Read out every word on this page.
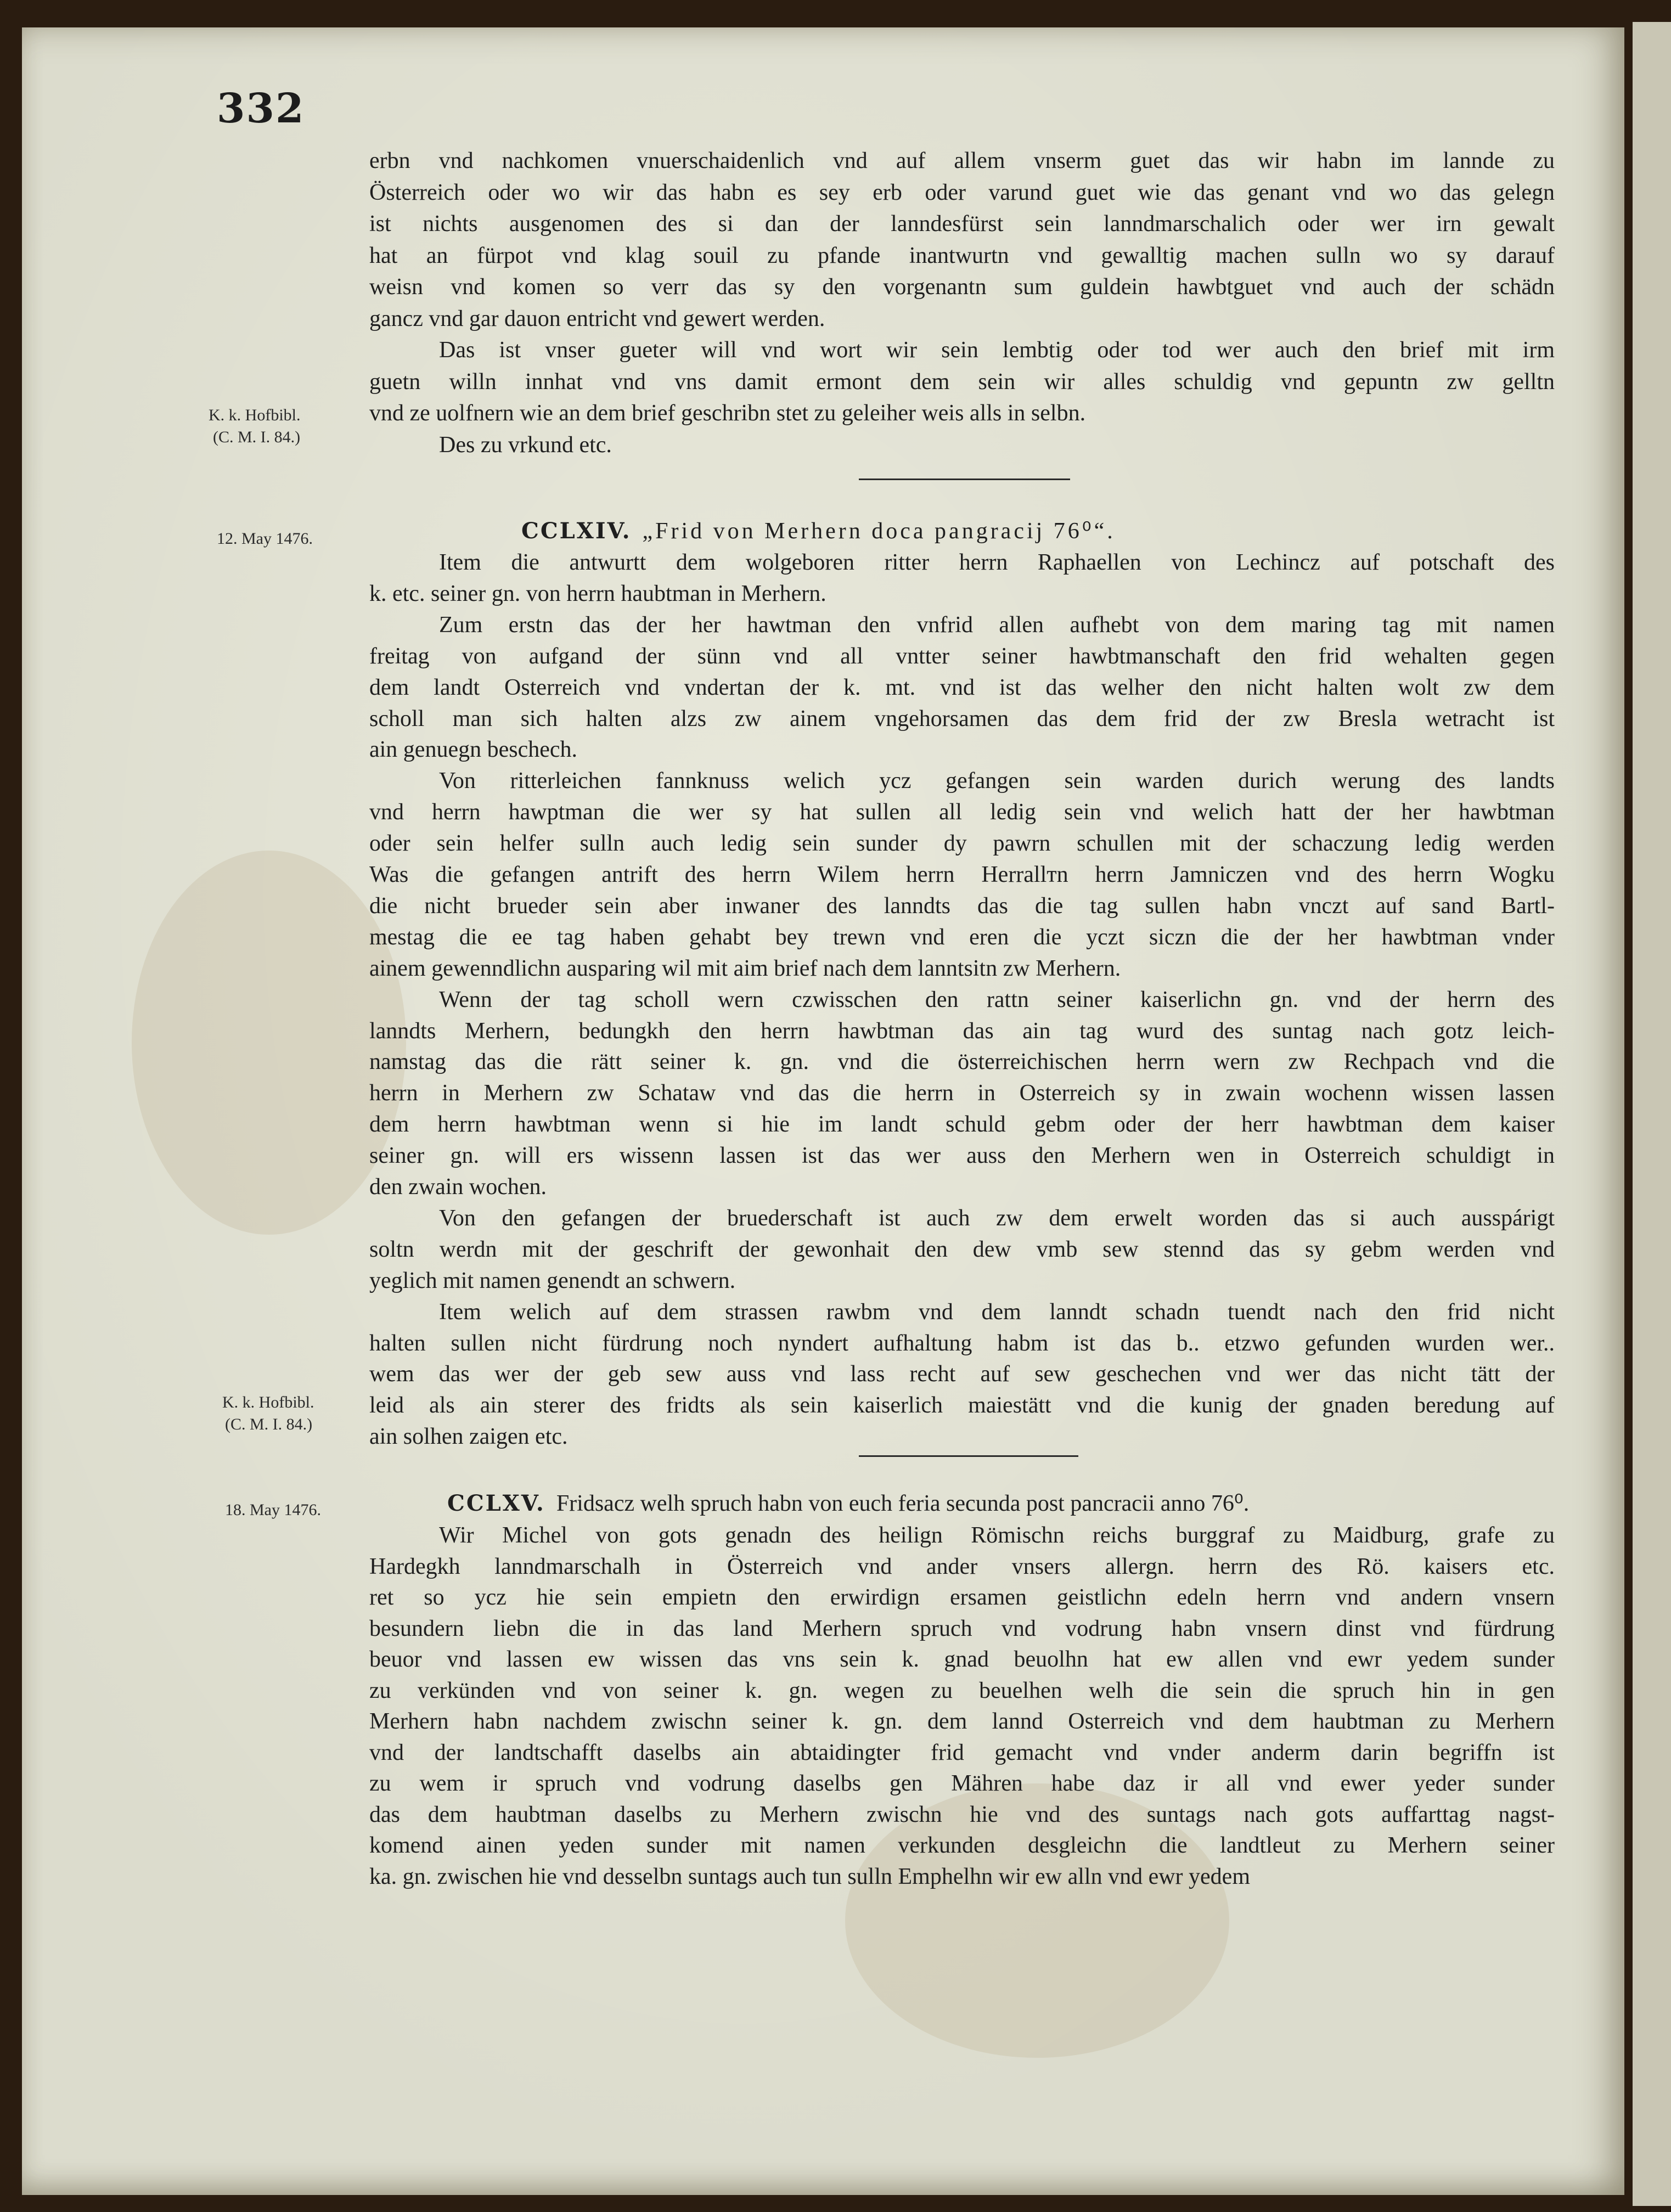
332
erbn vnd nachkomen vnuerschaidenlich vnd auf allem vnserm guet das wir habn im lannde zu
Österreich oder wo wir das habn es sey erb oder varund guet wie das genant vnd wo das gelegn
ist nichts ausgenomen des si dan der lanndesfürst sein lanndmarschalich oder wer irn gewalt
hat an fürpot vnd klag souil zu pfande inantwurtn vnd gewalltig machen sulln wo sy darauf
weisn vnd komen so verr das sy den vorgenantn sum guldein hawbtguet vnd auch der schädn
gancz vnd gar dauon entricht vnd gewert werden.
Das ist vnser gueter will vnd wort wir sein lembtig oder tod wer auch den brief mit irm
guetn willn innhat vnd vns damit ermont dem sein wir alles schuldig vnd gepuntn zw gelltn
vnd ze uolfnern wie an dem brief geschribn stet zu geleiher weis alls in selbn.
Des zu vrkund etc.
K. k. Hofbibl.
(C. M. I. 84.)
12. May 1476.	CCLXIV. „Frid von Merhern doca pangracij 76⁰“.
Item die antwurtt dem wolgeboren ritter herrn Raphaellen von Lechincz auf potschaft des
k. etc. seiner gn. von herrn haubtman in Merhern.
Zum erstn das der her hawtman den vnfrid allen aufhebt von dem maring tag mit namen
freitag von aufgand der sünn vnd all vntter seiner hawbtmanschaft den frid wehalten gegen
dem landt Osterreich vnd vndertan der k. mt. vnd ist das welher den nicht halten wolt zw dem
scholl man sich halten alzs zw ainem vngehorsamen das dem frid der zw Bresla wetracht ist
ain genuegn beschech.
Von ritterleichen fannknuss welich ycz gefangen sein warden durich werung des landts
vnd herrn hawptman die wer sy hat sullen all ledig sein vnd welich hatt der her hawbtman
oder sein helfer sulln auch ledig sein sunder dy pawrn schullen mit der schaczung ledig werden
Was die gefangen antrift des herrn Wilem herrn Herrallтn herrn Jamniczen vnd des herrn Wogku
die nicht brueder sein aber inwaner des lanndts das die tag sullen habn vnczt auf sand Bartl-
mestag die ee tag haben gehabt bey trewn vnd eren die yczt siczn die der her hawbtman vnder
ainem gewenndlichn ausparing wil mit aim brief nach dem lanntsitn zw Merhern.
Wenn der tag scholl wern czwisschen den rattn seiner kaiserlichn gn. vnd der herrn des
lanndts Merhern, bedungkh den herrn hawbtman das ain tag wurd des suntag nach gotz leich-
namstag das die rätt seiner k. gn. vnd die österreichischen herrn wern zw Rechpach vnd die
herrn in Merhern zw Schataw vnd das die herrn in Osterreich sy in zwain wochenn wissen lassen
dem herrn hawbtman wenn si hie im landt schuld gebm oder der herr hawbtman dem kaiser
seiner gn. will ers wissenn lassen ist das wer auss den Merhern wen in Osterreich schuldigt in
den zwain wochen.
Von den gefangen der bruederschaft ist auch zw dem erwelt worden das si auch ausspárigt
soltn werdn mit der geschrift der gewonhait den dew vmb sew stennd das sy gebm werden vnd
yeglich mit namen genendt an schwern.
Item welich auf dem strassen rawbm vnd dem lanndt schadn tuendt nach den frid nicht
halten sullen nicht fürdrung noch nyndert aufhaltung habm ist das b.. etzwo gefunden wurden wer..
wem das wer der geb sew auss vnd lass recht auf sew geschechen vnd wer das nicht tätt der
leid als ain sterer des fridts als sein kaiserlich maiestätt vnd die kunig der gnaden beredung auf
ain solhen zaigen etc.
K. k. Hofbibl.
(C. M. I. 84.)
18. May 1476.	CCLXV. Fridsacz welh spruch habn von euch feria secunda post pancracii anno 76⁰.
Wir Michel von gots genadn des heilign Römischn reichs burggraf zu Maidburg, grafe zu
Hardegkh lanndmarschalh in Österreich vnd ander vnsers allergn. herrn des Rö. kaisers etc.
ret so ycz hie sein empietn den erwirdign ersamen geistlichn edeln herrn vnd andern vnsern
besundern liebn die in das land Merhern spruch vnd vodrung habn vnsern dinst vnd fürdrung
beuor vnd lassen ew wissen das vns sein k. gnad beuolhn hat ew allen vnd ewr yedem sunder
zu verkünden vnd von seiner k. gn. wegen zu beuelhen welh die sein die spruch hin in gen
Merhern habn nachdem zwischn seiner k. gn. dem lannd Osterreich vnd dem haubtman zu Merhern
vnd der landtschafft daselbs ain abtaidingter frid gemacht vnd vnder anderm darin begriffn ist
zu wem ir spruch vnd vodrung daselbs gen Mähren habe daz ir all vnd ewer yeder sunder
das dem haubtman daselbs zu Merhern zwischn hie vnd des suntags nach gots auffarttag nagst-
komend ainen yeden sunder mit namen verkunden desgleichn die landtleut zu Merhern seiner
ka. gn. zwischen hie vnd desselbn suntags auch tun sulln Emphelhn wir ew alln vnd ewr yedem
